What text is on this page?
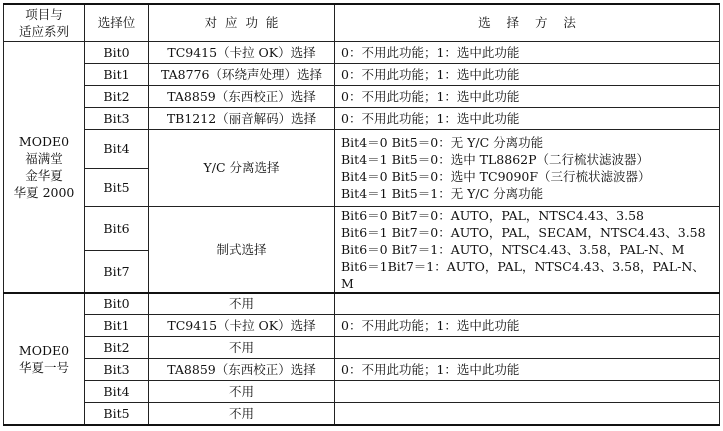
项目与
适应系列	选择位	对  应  功  能	选    择    方    法
MODE0
福满堂
金华夏
华夏 2000	Bit0	TC9415（卡拉 OK）选择	0：不用此功能；1：选中此功能
	Bit1	TA8776（环绕声处理）选择	0：不用此功能；1：选中此功能
	Bit2	TA8859（东西校正）选择	0：不用此功能；1：选中此功能
	Bit3	TB1212（丽音解码）选择	0：不用此功能；1：选中此功能
	Bit4	Y/C 分离选择	Bit4＝0 Bit5＝0：无 Y/C 分离功能
Bit4＝1 Bit5＝0：选中 TL8862P（二行梳状滤波器）
Bit4＝0 Bit5＝0：选中 TC9090F（三行梳状滤波器）
Bit4＝1 Bit5＝1：无 Y/C 分离功能

	Bit5		
	Bit6	制式选择	Bit6＝0 Bit7＝0：AUTO，PAL，NTSC4.43、3.58
Bit6＝1 Bit7＝0：AUTO，PAL，SECAM，NTSC4.43、3.58
Bit6＝0 Bit7＝1：AUTO，NTSC4.43、3.58，PAL-N、M
Bit6＝1Bit7＝1：AUTO，PAL，NTSC4.43、3.58，PAL-N、M

	Bit7		
MODE0
华夏一号	Bit0	不用	
	Bit1	TC9415（卡拉 OK）选择	0：不用此功能；1：选中此功能
	Bit2	不用	
	Bit3	TA8859（东西校正）选择	0：不用此功能；1：选中此功能
	Bit4	不用	
	Bit5	不用	
